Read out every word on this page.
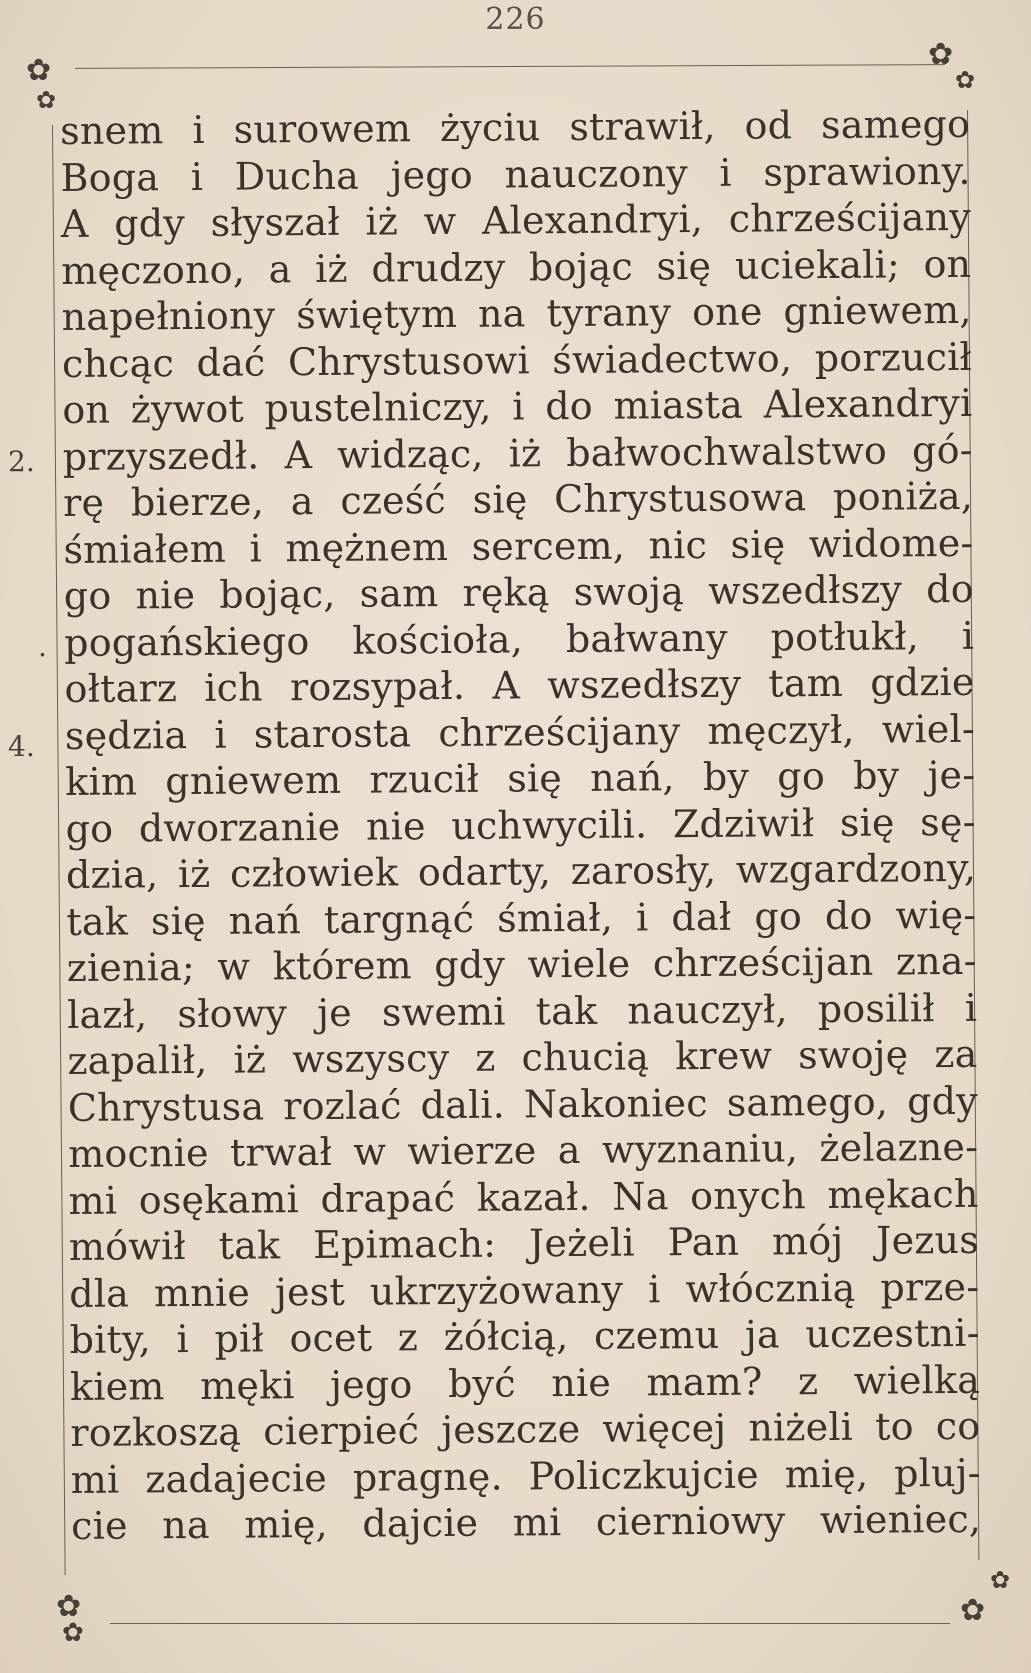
226
✿
✿
✿
✿
✿
✿
✿
✿
2.
.
4.
snem i surowem życiu strawił, od samego
Boga i Ducha jego nauczony i sprawiony.
A gdy słyszał iż w Alexandryi, chrześcijany
męczono, a iż drudzy bojąc się uciekali; on
napełniony świętym na tyrany one gniewem,
chcąc dać Chrystusowi świadectwo, porzucił
on żywot pustelniczy, i do miasta Alexandryi
przyszedł. A widząc, iż bałwochwalstwo gó-
rę bierze, a cześć się Chrystusowa poniża,
śmiałem i mężnem sercem, nic się widome-
go nie bojąc, sam ręką swoją wszedłszy do
pogańskiego kościoła, bałwany potłukł, i
ołtarz ich rozsypał. A wszedłszy tam gdzie
sędzia i starosta chrześcijany męczył, wiel-
kim gniewem rzucił się nań, by go by je-
go dworzanie nie uchwycili. Zdziwił się sę-
dzia, iż człowiek odarty, zarosły, wzgardzony,
tak się nań targnąć śmiał, i dał go do wię-
zienia; w którem gdy wiele chrześcijan zna-
lazł, słowy je swemi tak nauczył, posilił i
zapalił, iż wszyscy z chucią krew swoję za
Chrystusa rozlać dali. Nakoniec samego, gdy
mocnie trwał w wierze a wyznaniu, żelazne-
mi osękami drapać kazał. Na onych mękach
mówił tak Epimach: Jeżeli Pan mój Jezus
dla mnie jest ukrzyżowany i włócznią prze-
bity, i pił ocet z żółcią, czemu ja uczestni-
kiem męki jego być nie mam? z wielką
rozkoszą cierpieć jeszcze więcej niżeli to co
mi zadajecie pragnę. Policzkujcie mię, pluj-
cie na mię, dajcie mi cierniowy wieniec,
